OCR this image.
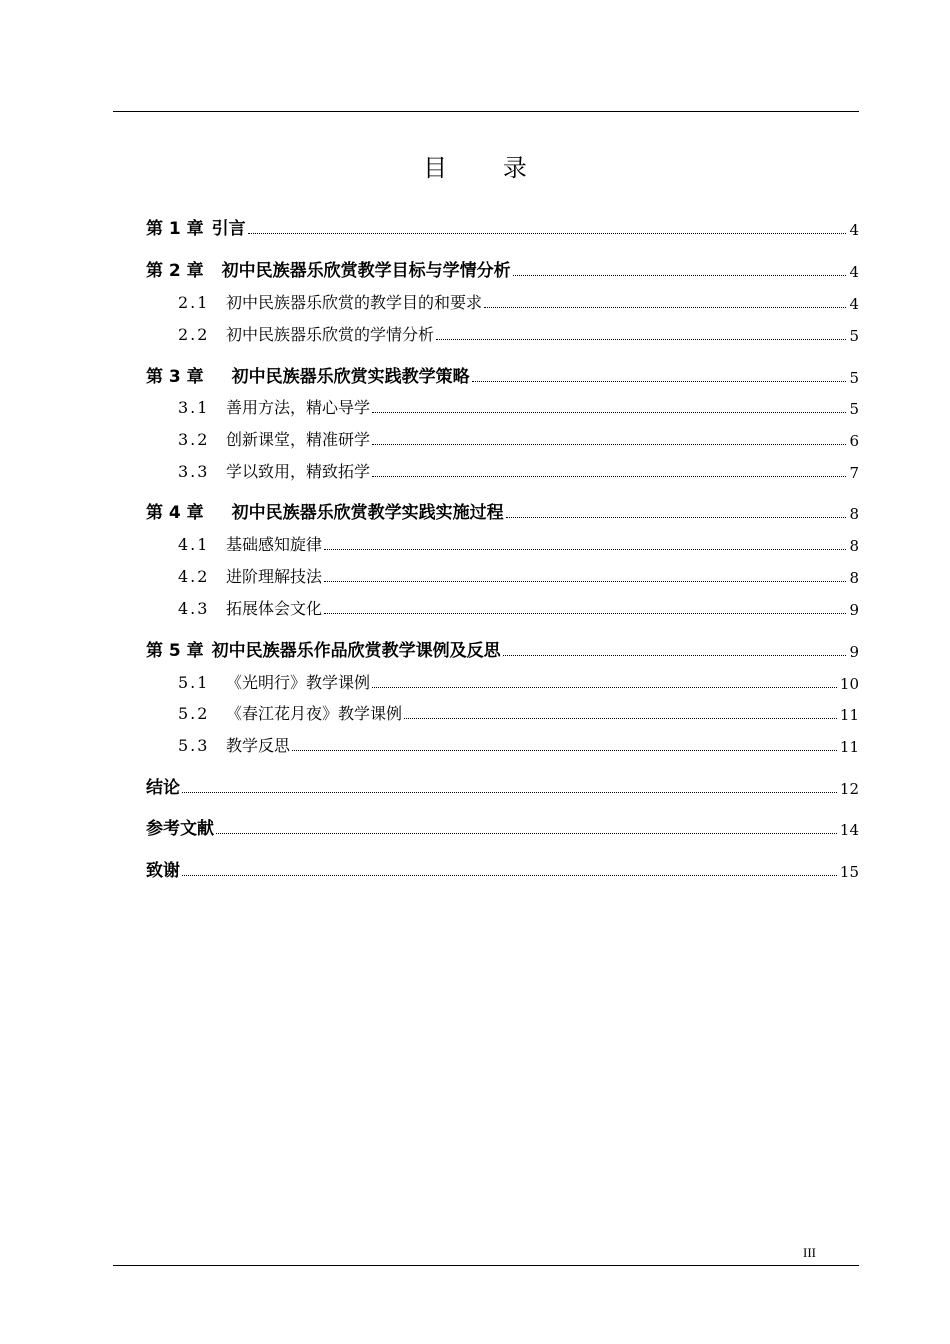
目 录
第 1 章 引言	4
第 2 章 初中民族器乐欣赏教学目标与学情分析	4
2.1 初中民族器乐欣赏的教学目的和要求	4
2.2 初中民族器乐欣赏的学情分析	5
第 3 章 初中民族器乐欣赏实践教学策略	5
3.1 善用方法，精心导学	5
3.2 创新课堂，精准研学	6
3.3 学以致用，精致拓学	7
第 4 章 初中民族器乐欣赏教学实践实施过程	8
4.1 基础感知旋律	8
4.2 进阶理解技法	8
4.3 拓展体会文化	9
第 5 章 初中民族器乐作品欣赏教学课例及反思	9
5.1 《光明行》教学课例	10
5.2 《春江花月夜》教学课例	11
5.3 教学反思	11
结论	12
参考文献	14
致谢	15
III
